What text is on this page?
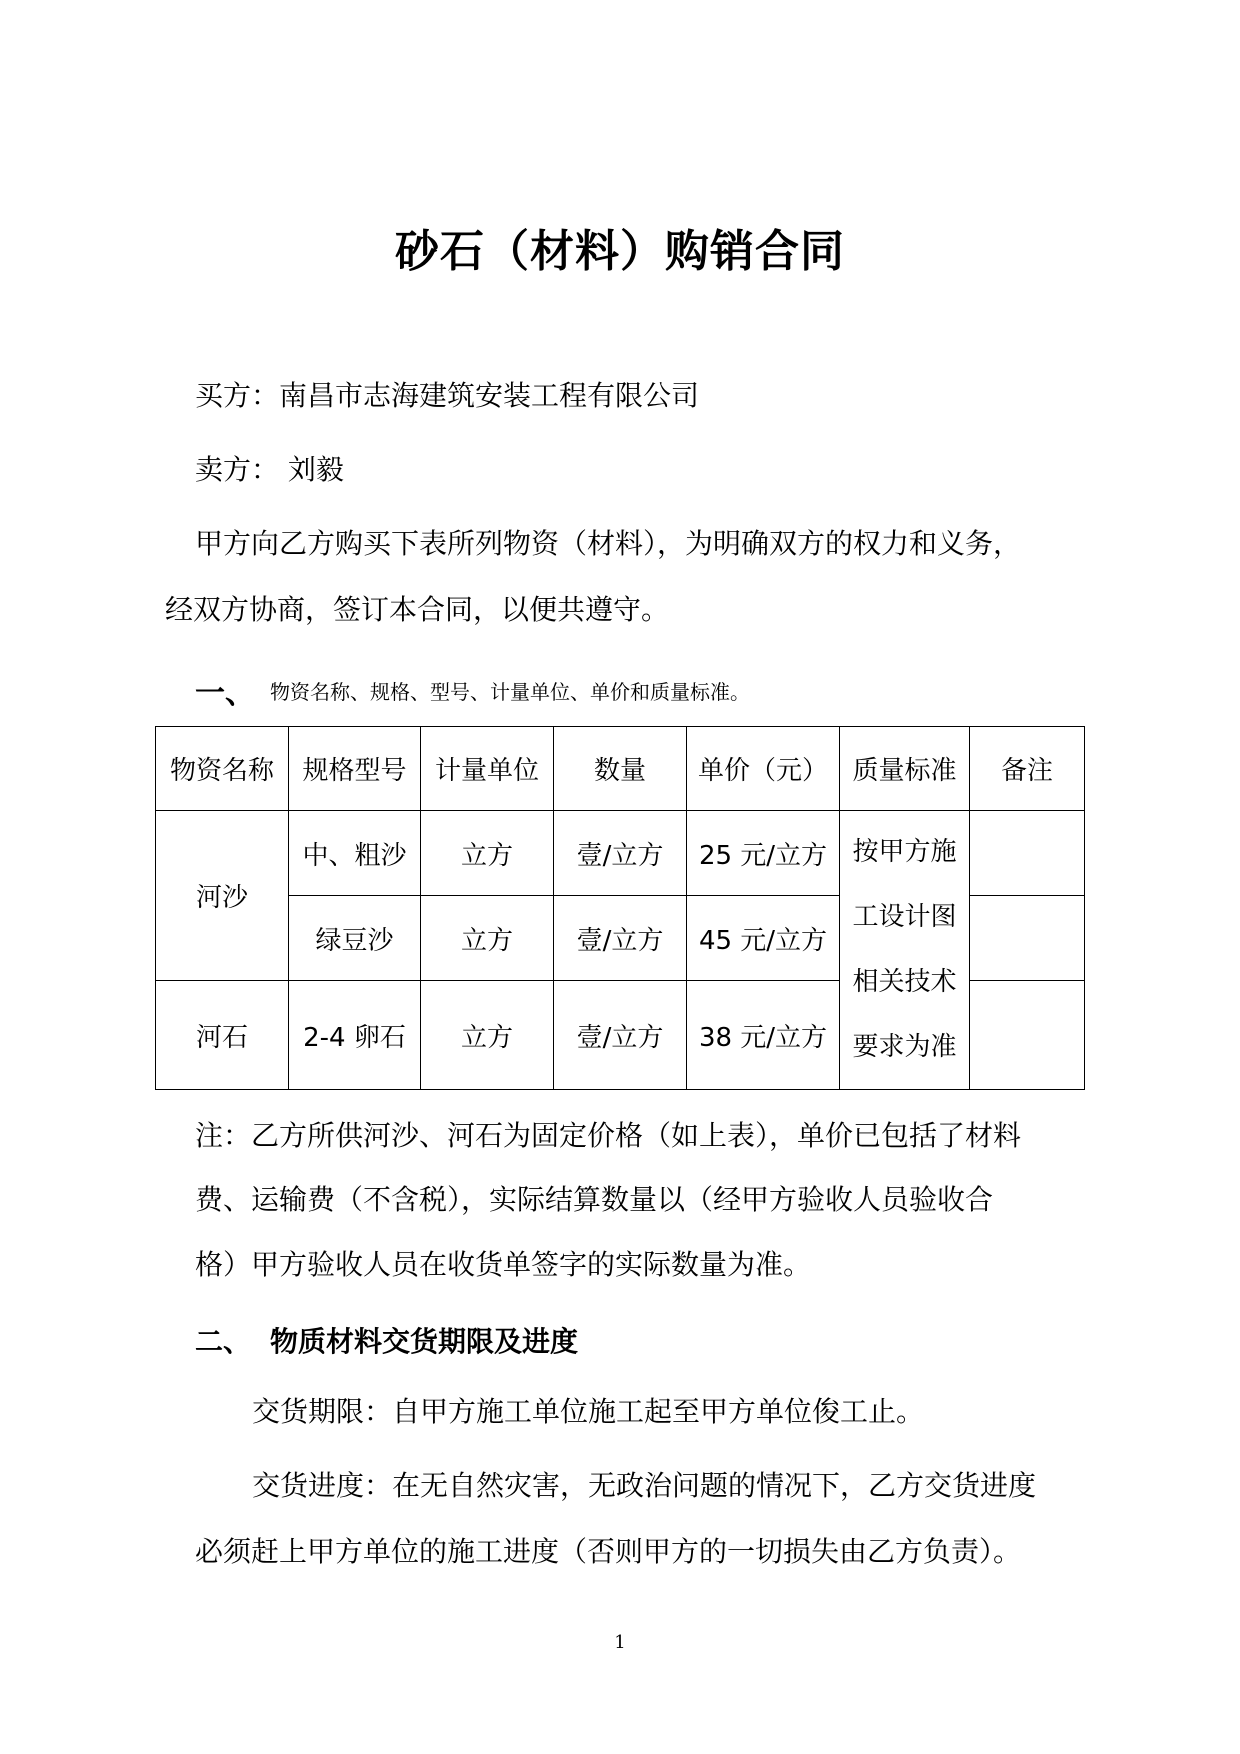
砂石（材料）购销合同
买方：南昌市志海建筑安装工程有限公司
卖方： 刘毅
甲方向乙方购买下表所列物资（材料），为明确双方的权力和义务，
经双方协商，签订本合同，以便共遵守。
一、 物资名称、规格、型号、计量单位、单价和质量标准。
物资名称	规格型号	计量单位	数量	单价（元）	质量标准	备注
河沙	中、粗沙	立方	壹/立方	25 元/立方	按甲方施工设计图相关技术要求为准	
	绿豆沙	立方	壹/立方	45 元/立方		
河石	2-4 卵石	立方	壹/立方	38 元/立方		
注：乙方所供河沙、河石为固定价格（如上表），单价已包括了材料
费、运输费（不含税），实际结算数量以（经甲方验收人员验收合
格）甲方验收人员在收货单签字的实际数量为准。
二、 物质材料交货期限及进度
交货期限：自甲方施工单位施工起至甲方单位俊工止。
交货进度：在无自然灾害，无政治问题的情况下，乙方交货进度
必须赶上甲方单位的施工进度（否则甲方的一切损失由乙方负责）。
1
